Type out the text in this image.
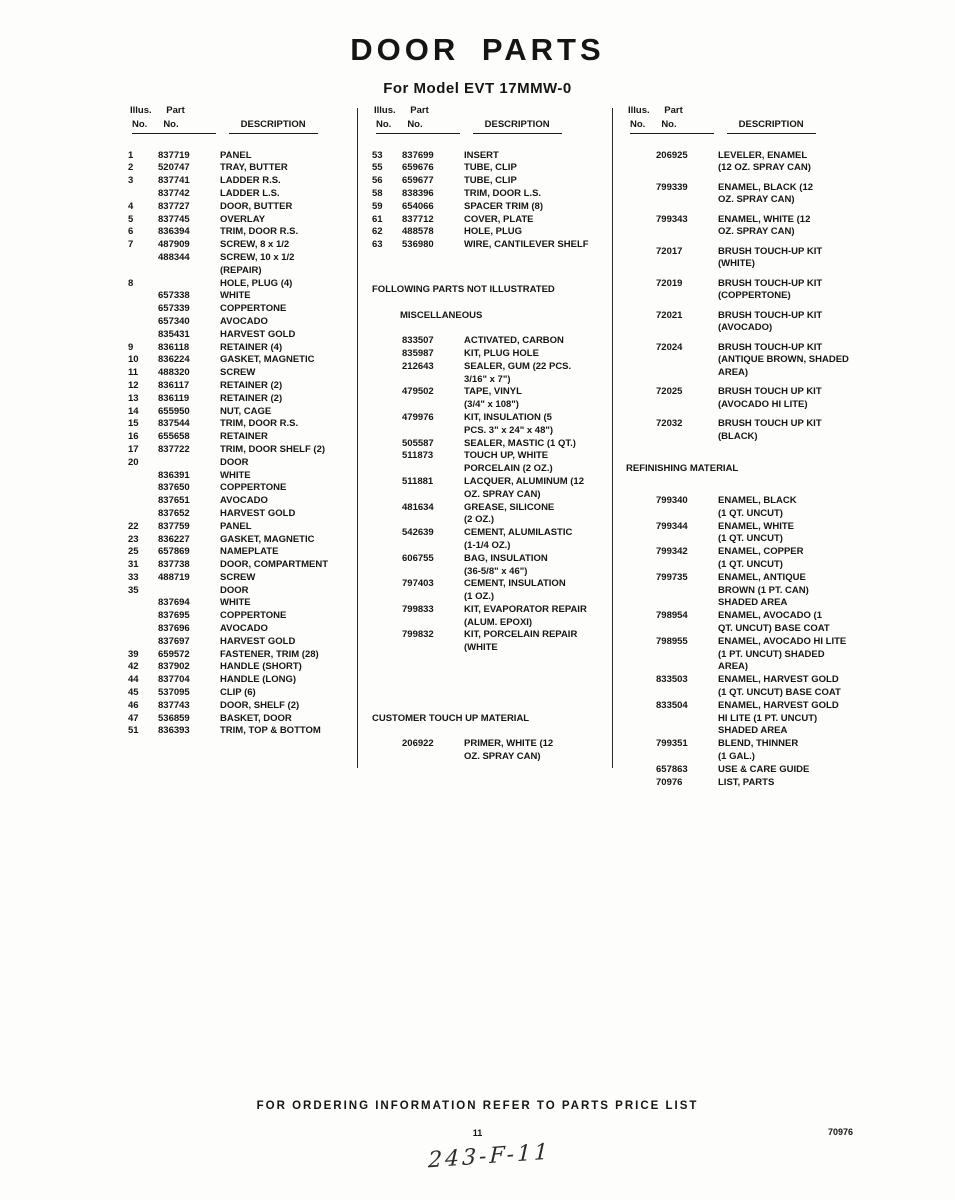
DOOR PARTS
For Model EVT 17MMW-0
Illus. Part
No. No.	DESCRIPTION
1	837719	PANEL
2	520747	TRAY, BUTTER
3	837741	LADDER R.S.
837742	LADDER L.S.
4	837727	DOOR, BUTTER
5	837745	OVERLAY
6	836394	TRIM, DOOR R.S.
7	487909	SCREW, 8 x 1/2
488344	SCREW, 10 x 1/2
(REPAIR)
8	HOLE, PLUG (4)
657338	WHITE
657339	COPPERTONE
657340	AVOCADO
835431	HARVEST GOLD
9	836118	RETAINER (4)
10	836224	GASKET, MAGNETIC
11	488320	SCREW
12	836117	RETAINER (2)
13	836119	RETAINER (2)
14	655950	NUT, CAGE
15	837544	TRIM, DOOR R.S.
16	655658	RETAINER
17	837722	TRIM, DOOR SHELF (2)
20	DOOR
836391	WHITE
837650	COPPERTONE
837651	AVOCADO
837652	HARVEST GOLD
22	837759	PANEL
23	836227	GASKET, MAGNETIC
25	657869	NAMEPLATE
31	837738	DOOR, COMPARTMENT
33	488719	SCREW
35	DOOR
837694	WHITE
837695	COPPERTONE
837696	AVOCADO
837697	HARVEST GOLD
39	659572	FASTENER, TRIM (28)
42	837902	HANDLE (SHORT)
44	837704	HANDLE (LONG)
45	537095	CLIP (6)
46	837743	DOOR, SHELF (2)
47	536859	BASKET, DOOR
51	836393	TRIM, TOP & BOTTOM
Illus. Part
No. No.	DESCRIPTION
53	837699	INSERT
55	659676	TUBE, CLIP
56	659677	TUBE, CLIP
58	838396	TRIM, DOOR L.S.
59	654066	SPACER TRIM (8)
61	837712	COVER, PLATE
62	488578	HOLE, PLUG
63	536980	WIRE, CANTILEVER SHELF
FOLLOWING PARTS NOT ILLUSTRATED
MISCELLANEOUS
833507	ACTIVATED, CARBON
835987	KIT, PLUG HOLE
212643	SEALER, GUM (22 PCS.
3/16" x 7")
479502	TAPE, VINYL
(3/4" x 108")
479976	KIT, INSULATION (5
PCS. 3" x 24" x 48")
505587	SEALER, MASTIC (1 QT.)
511873	TOUCH UP, WHITE
PORCELAIN (2 OZ.)
511881	LACQUER, ALUMINUM (12
OZ. SPRAY CAN)
481634	GREASE, SILICONE
(2 OZ.)
542639	CEMENT, ALUMILASTIC
(1-1/4 OZ.)
606755	BAG, INSULATION
(36-5/8" x 46")
797403	CEMENT, INSULATION
(1 OZ.)
799833	KIT, EVAPORATOR REPAIR
(ALUM. EPOXI)
799832	KIT, PORCELAIN REPAIR
(WHITE
CUSTOMER TOUCH UP MATERIAL
206922	PRIMER, WHITE (12
OZ. SPRAY CAN)
Illus. Part
No. No.	DESCRIPTION
206925	LEVELER, ENAMEL
(12 OZ. SPRAY CAN)
799339	ENAMEL, BLACK (12
OZ. SPRAY CAN)
799343	ENAMEL, WHITE (12
OZ. SPRAY CAN)
72017	BRUSH TOUCH-UP KIT
(WHITE)
72019	BRUSH TOUCH-UP KIT
(COPPERTONE)
72021	BRUSH TOUCH-UP KIT
(AVOCADO)
72024	BRUSH TOUCH-UP KIT
(ANTIQUE BROWN, SHADED
AREA)
72025	BRUSH TOUCH UP KIT
(AVOCADO HI LITE)
72032	BRUSH TOUCH UP KIT
(BLACK)
REFINISHING MATERIAL
799340	ENAMEL, BLACK
(1 QT. UNCUT)
799344	ENAMEL, WHITE
(1 QT. UNCUT)
799342	ENAMEL, COPPER
(1 QT. UNCUT)
799735	ENAMEL, ANTIQUE
BROWN (1 PT. CAN)
SHADED AREA
798954	ENAMEL, AVOCADO (1
QT. UNCUT) BASE COAT
798955	ENAMEL, AVOCADO HI LITE
(1 PT. UNCUT) SHADED
AREA)
833503	ENAMEL, HARVEST GOLD
(1 QT. UNCUT) BASE COAT
833504	ENAMEL, HARVEST GOLD
HI LITE (1 PT. UNCUT)
SHADED AREA
799351	BLEND, THINNER
(1 GAL.)
657863	USE & CARE GUIDE
70976	LIST, PARTS
FOR ORDERING INFORMATION REFER TO PARTS PRICE LIST
11	70976
243-F-11
